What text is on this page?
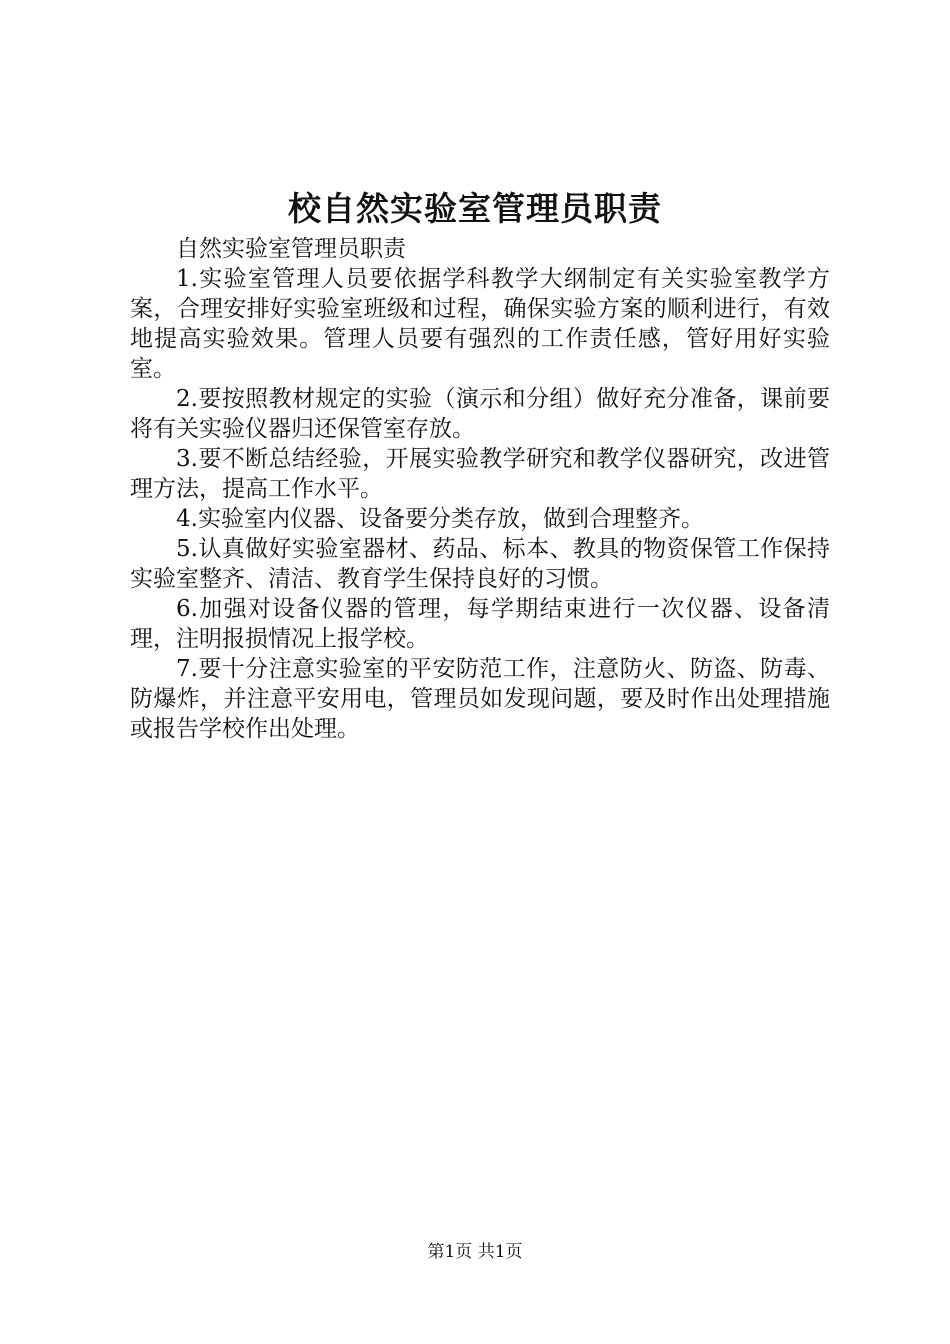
校自然实验室管理员职责

自然实验室管理员职责

1.实验室管理人员要依据学科教学大纲制定有关实验室教学方案，合理安排好实验室班级和过程，确保实验方案的顺利进行，有效地提高实验效果。管理人员要有强烈的工作责任感，管好用好实验室。

2.要按照教材规定的实验（演示和分组）做好充分准备，课前要将有关实验仪器归还保管室存放。

3.要不断总结经验，开展实验教学研究和教学仪器研究，改进管理方法，提高工作水平。

4.实验室内仪器、设备要分类存放，做到合理整齐。

5.认真做好实验室器材、药品、标本、教具的物资保管工作保持实验室整齐、清洁、教育学生保持良好的习惯。

6.加强对设备仪器的管理，每学期结束进行一次仪器、设备清理，注明报损情况上报学校。

7.要十分注意实验室的平安防范工作，注意防火、防盗、防毒、防爆炸，并注意平安用电，管理员如发现问题，要及时作出处理措施或报告学校作出处理。

第1页 共1页
